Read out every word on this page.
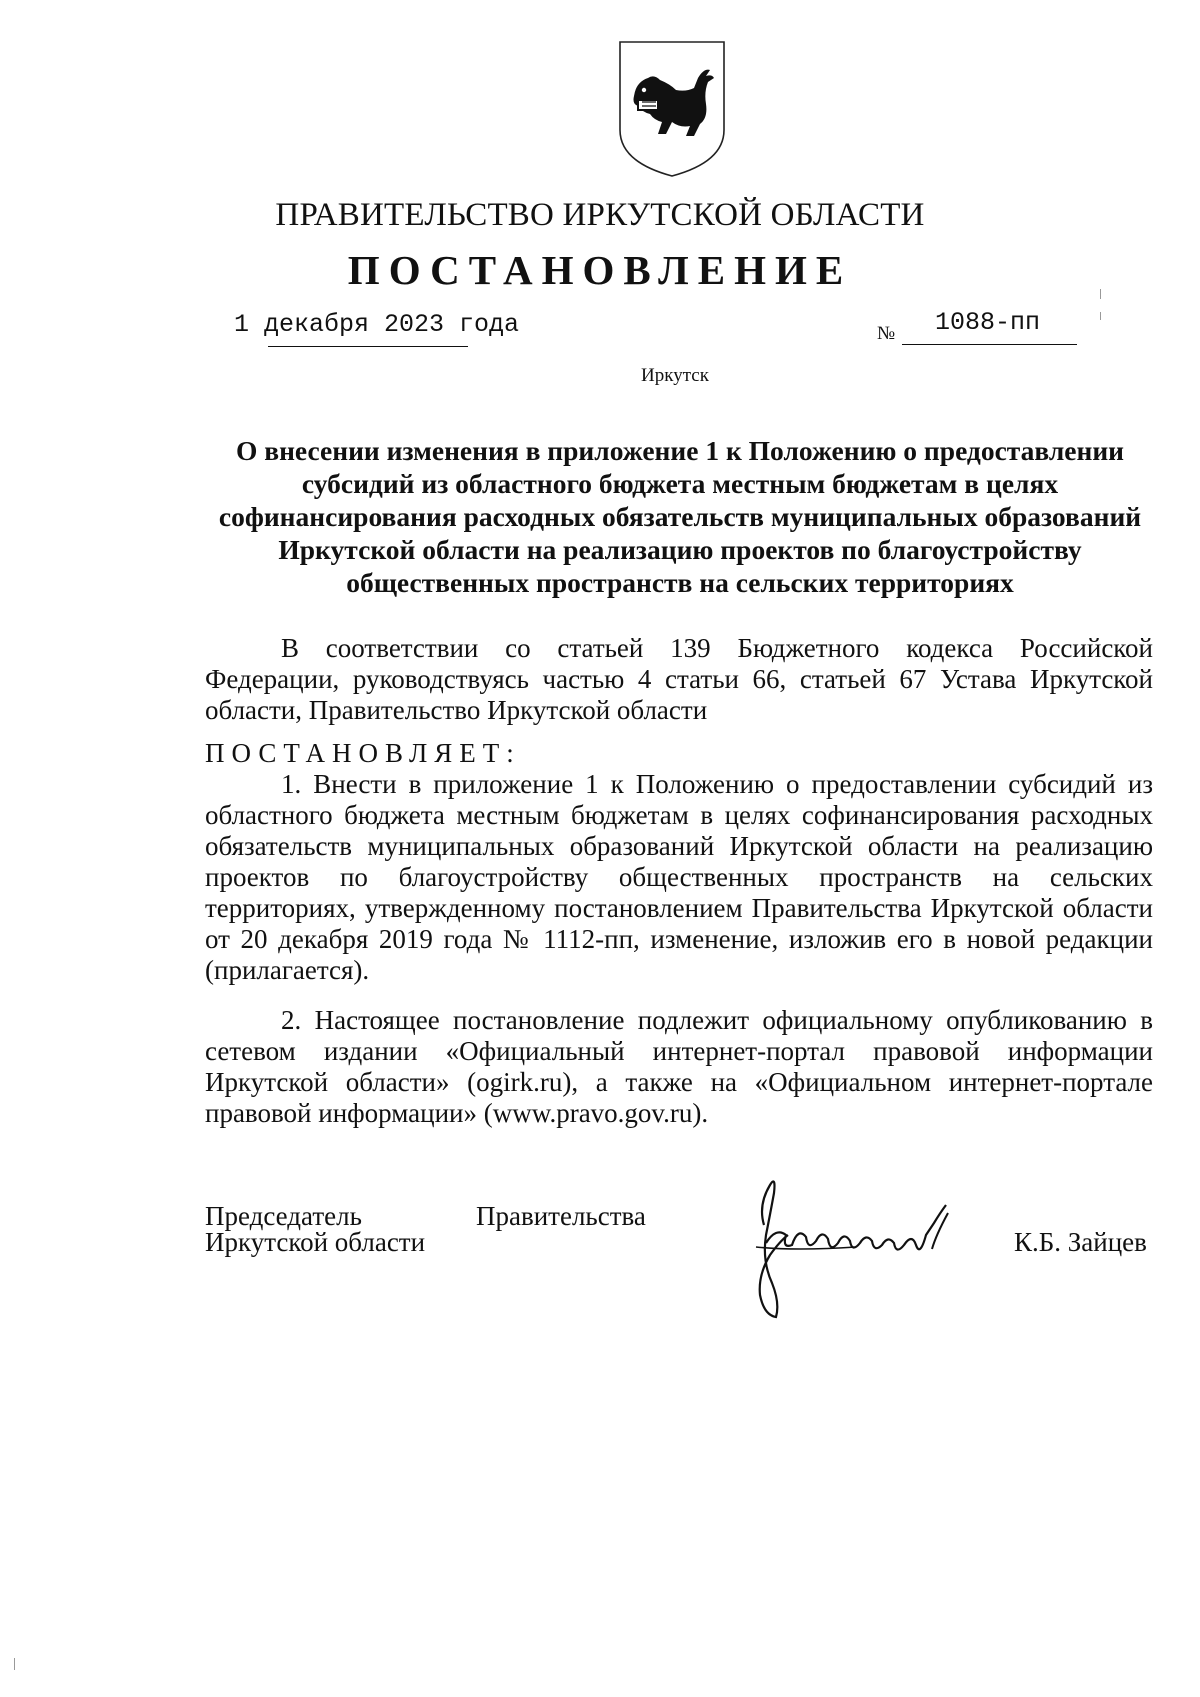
ПРАВИТЕЛЬСТВО ИРКУТСКОЙ ОБЛАСТИ
ПОСТАНОВЛЕНИЕ
1 декабря 2023 года	№ 1088-пп
Иркутск
О внесении изменения в приложение 1 к Положению о предоставлении субсидий из областного бюджета местным бюджетам в целях софинансирования расходных обязательств муниципальных образований Иркутской области на реализацию проектов по благоустройству общественных пространств на сельских территориях
В соответствии со статьей 139 Бюджетного кодекса Российской Федерации, руководствуясь частью 4 статьи 66, статьей 67 Устава Иркутской области, Правительство Иркутской области
ПОСТАНОВЛЯЕТ:
1. Внести в приложение 1 к Положению о предоставлении субсидий из областного бюджета местным бюджетам в целях софинансирования расходных обязательств муниципальных образований Иркутской области на реализацию проектов по благоустройству общественных пространств на сельских территориях, утвержденному постановлением Правительства Иркутской области от 20 декабря 2019 года № 1112-пп, изменение, изложив его в новой редакции (прилагается).
2. Настоящее постановление подлежит официальному опубликованию в сетевом издании «Официальный интернет-портал правовой информации Иркутской области» (ogirk.ru), а также на «Официальном интернет-портале правовой информации» (www.pravo.gov.ru).
Председатель	Правительства
Иркутской области	К.Б. Зайцев
